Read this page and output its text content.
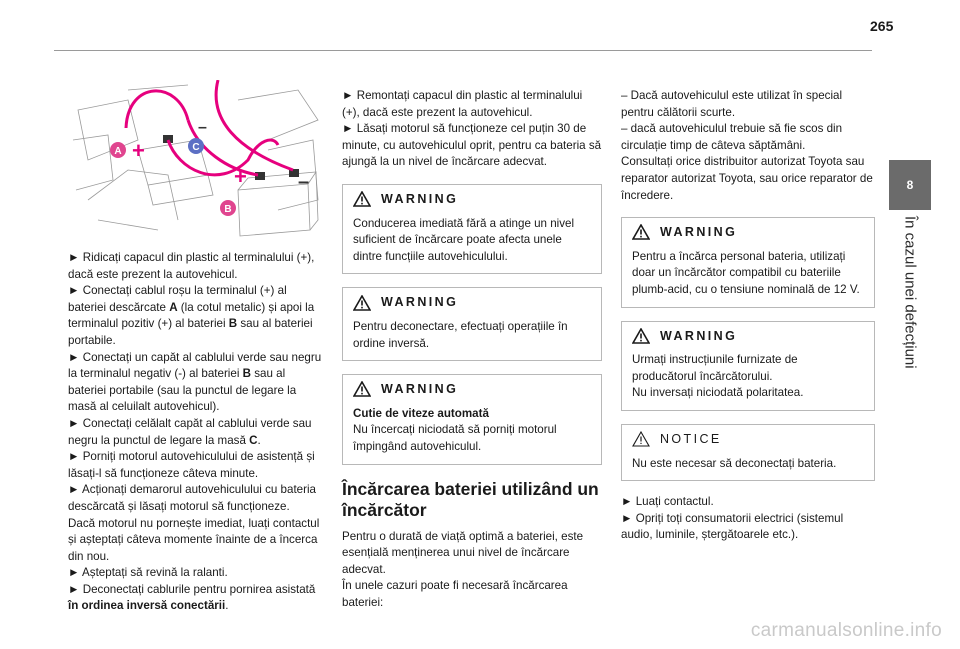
265
8
În cazul unei defecțiuni
A	C
B
+
+	–
–

► Ridicați capacul din plastic al terminalului (+), dacă este prezent la autovehicul.

► Conectați cablul roșu la terminalul (+) al bateriei descărcate A (la cotul metalic) și apoi la terminalul pozitiv (+) al bateriei B sau al bateriei portabile.

► Conectați un capăt al cablului verde sau negru la terminalul negativ (-) al bateriei B sau al bateriei portabile (sau la punctul de legare la masă al celuilalt autovehicul).

► Conectați celălalt capăt al cablului verde sau negru la punctul de legare la masă C.

► Porniți motorul autovehiculului de asistență și lăsați-l să funcționeze câteva minute.

► Acționați demarorul autovehiculului cu bateria descărcată și lăsați motorul să funcționeze.

Dacă motorul nu pornește imediat, luați contactul și așteptați câteva momente înainte de a încerca din nou.

► Așteptați să revină la ralanti.

► Deconectați cablurile pentru pornirea asistată în ordinea inversă conectării.

► Remontați capacul din plastic al terminalului (+), dacă este prezent la autovehicul.

► Lăsați motorul să funcționeze cel puțin 30 de minute, cu autovehiculul oprit, pentru ca bateria să ajungă la un nivel de încărcare adecvat.

WARNING

Conducerea imediată fără a atinge un nivel suficient de încărcare poate afecta unele dintre funcțiile autovehiculului.

WARNING

Pentru deconectare, efectuați operațiile în ordine inversă.

WARNING

Cutie de viteze automată

Nu încercați niciodată să porniți motorul împingând autovehiculul.

Încărcarea bateriei utilizând un încărcător

Pentru o durată de viață optimă a bateriei, este esențială menținerea unui nivel de încărcare adecvat.

În unele cazuri poate fi necesară încărcarea bateriei:

– Dacă autovehiculul este utilizat în special pentru călătorii scurte.

– dacă autovehiculul trebuie să fie scos din circulație timp de câteva săptămâni.

Consultați orice distribuitor autorizat Toyota sau reparator autorizat Toyota, sau orice reparator de încredere.

WARNING

Pentru a încărca personal bateria, utilizați doar un încărcător compatibil cu bateriile plumb-acid, cu o tensiune nominală de 12 V.

WARNING

Urmați instrucțiunile furnizate de producătorul încărcătorului.

Nu inversați niciodată polaritatea.

NOTICE

Nu este necesar să deconectați bateria.

► Luați contactul.

► Opriți toți consumatorii electrici (sistemul audio, luminile, ștergătoarele etc.).

carmanualsonline.info
